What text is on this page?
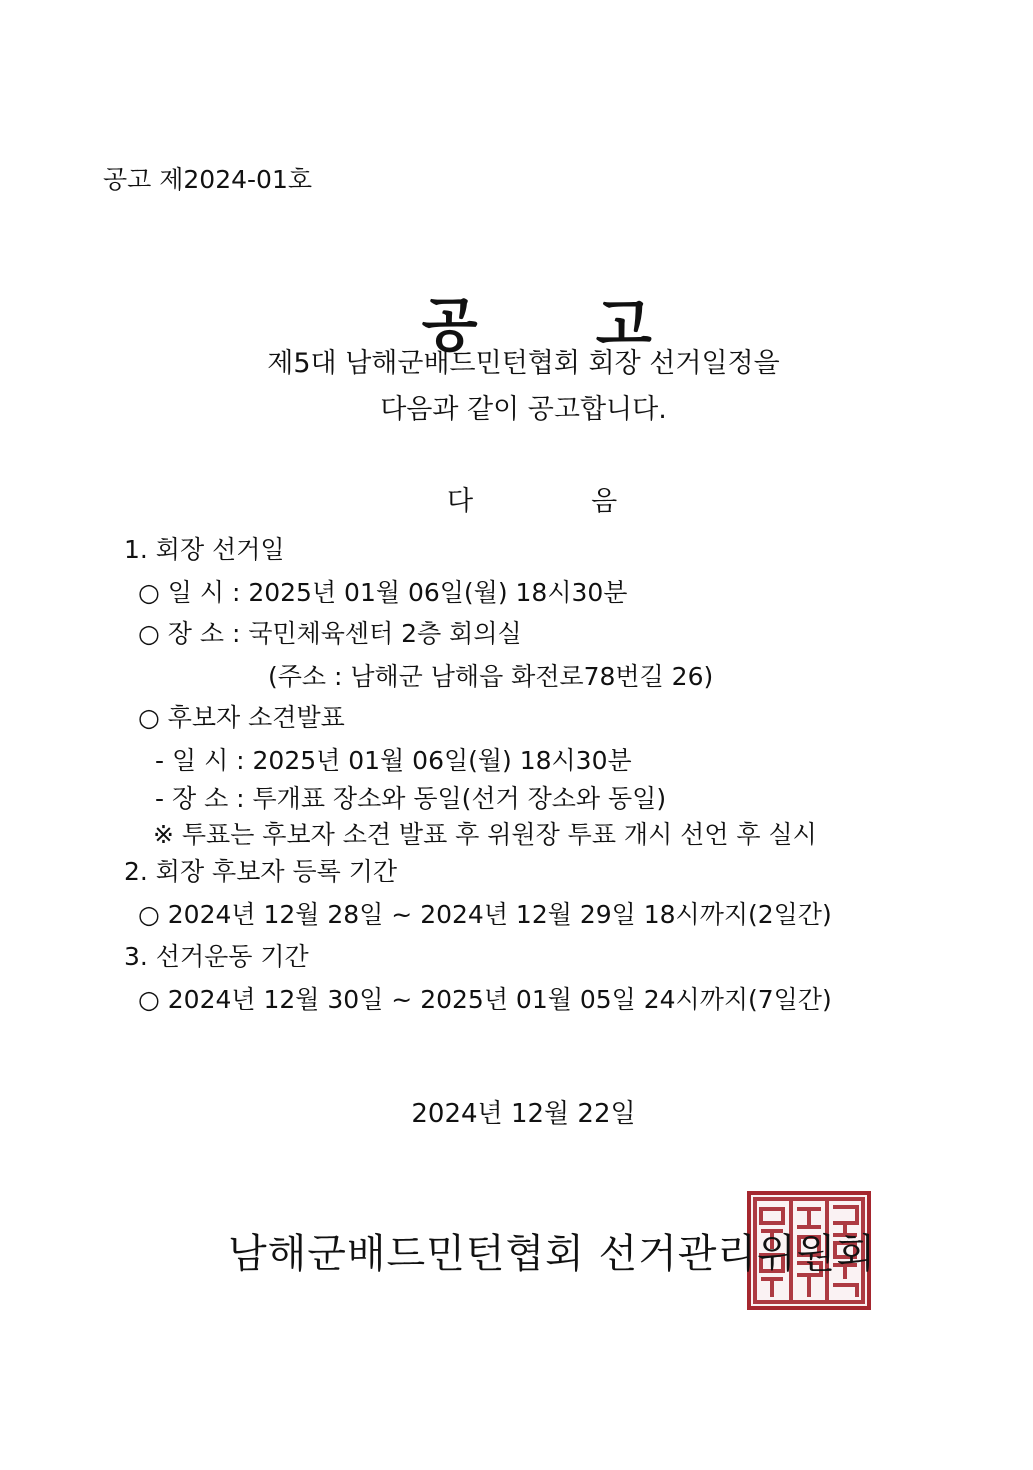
공고 제2024-01호

공 고

제5대 남해군배드민턴협회 회장 선거일정을
다음과 같이 공고합니다.

다	음

1. 회장 선거일
○ 일 시 : 2025년 01월 06일(월) 18시30분
○ 장 소 : 국민체육센터 2층 회의실
(주소 : 남해군 남해읍 화전로78번길 26)
○ 후보자 소견발표
- 일 시 : 2025년 01월 06일(월) 18시30분
- 장 소 : 투개표 장소와 동일(선거 장소와 동일)
※ 투표는 후보자 소견 발표 후 위원장 투표 개시 선언 후 실시
2. 회장 후보자 등록 기간
○ 2024년 12월 28일 ~ 2024년 12월 29일 18시까지(2일간)
3. 선거운동 기간
○ 2024년 12월 30일 ~ 2025년 01월 05일 24시까지(7일간)
2024년 12월 22일
남해군배드민턴협회 선거관리위원회
